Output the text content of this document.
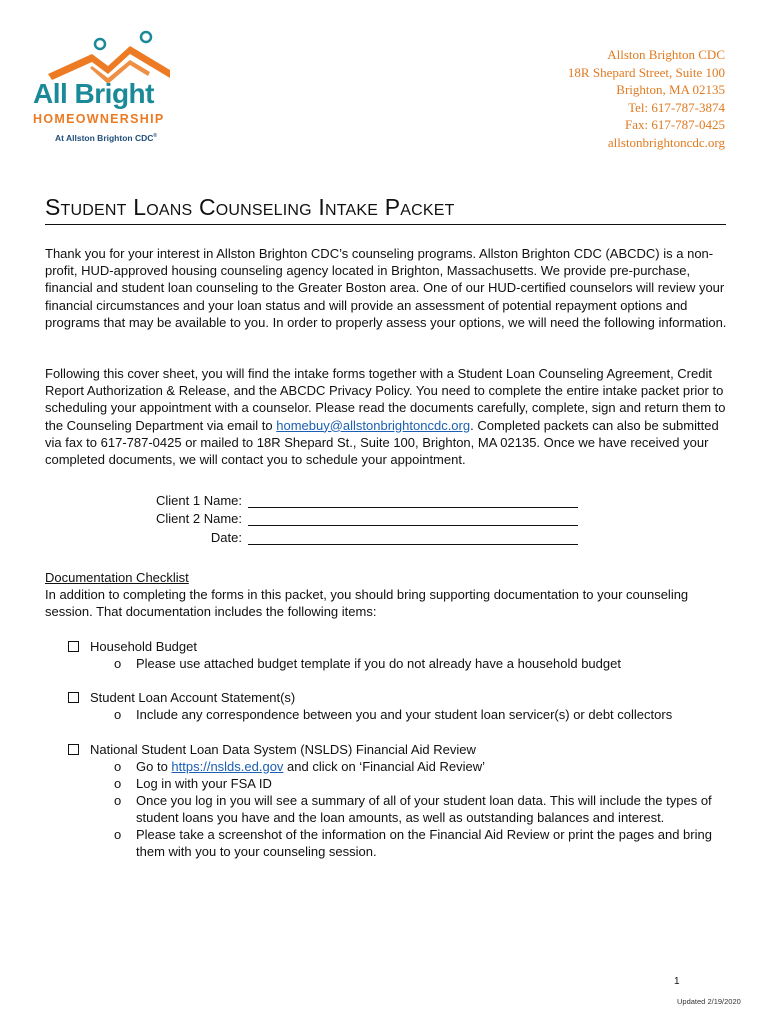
All Bright
HOMEOWNERSHIP
At Allston Brighton CDC®
Allston Brighton CDC
18R Shepard Street, Suite 100
Brighton, MA 02135
Tel: 617-787-3874
Fax: 617-787-0425
allstonbrightoncdc.org
Student Loans Counseling Intake Packet

Thank you for your interest in Allston Brighton CDC’s counseling programs. Allston Brighton CDC (ABCDC) is a non-profit, HUD-approved housing counseling agency located in Brighton, Massachusetts. We provide pre-purchase, financial and student loan counseling to the Greater Boston area. One of our HUD-certified counselors will review your financial circumstances and your loan status and will provide an assessment of potential repayment options and programs that may be available to you. In order to properly assess your options, we will need the following information.

Following this cover sheet, you will find the intake forms together with a Student Loan Counseling Agreement, Credit Report Authorization & Release, and the ABCDC Privacy Policy. You need to complete the entire intake packet prior to scheduling your appointment with a counselor. Please read the documents carefully, complete, sign and return them to the Counseling Department via email to homebuy@allstonbrightoncdc.org. Completed packets can also be submitted via fax to 617-787-0425 or mailed to 18R Shepard St., Suite 100, Brighton, MA 02135. Once we have received your completed documents, we will contact you to schedule your appointment.

Client 1 Name:
Client 2 Name:
Date:
Documentation Checklist

In addition to completing the forms in this packet, you should bring supporting documentation to your counseling session. That documentation includes the following items:

Household Budget
o	Please use attached budget template if you do not already have a household budget
Student Loan Account Statement(s)
o	Include any correspondence between you and your student loan servicer(s) or debt collectors
National Student Loan Data System (NSLDS) Financial Aid Review
o	Go to https://nslds.ed.gov and click on ‘Financial Aid Review’
o	Log in with your FSA ID
o	Once you log in you will see a summary of all of your student loan data. This will include the types of student loans you have and the loan amounts, as well as outstanding balances and interest.
o	Please take a screenshot of the information on the Financial Aid Review or print the pages and bring them with you to your counseling session.
1
Updated 2/19/2020
